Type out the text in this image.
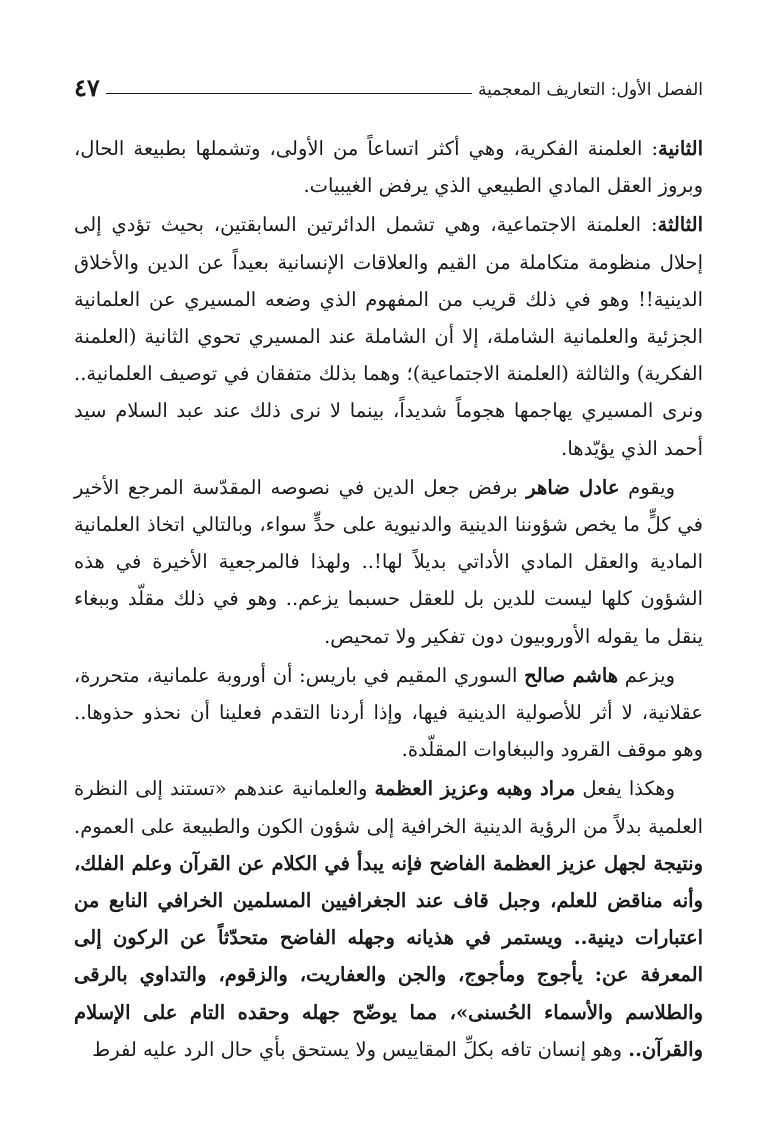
الفصل الأول: التعاريف المعجمية
٤٧

الثانية: العلمنة الفكرية، وهي أكثر اتساعاً من الأولى، وتشملها بطبيعة الحال، وبروز العقل المادي الطبيعي الذي يرفض الغيبيات.

الثالثة: العلمنة الاجتماعية، وهي تشمل الدائرتين السابقتين، بحيث تؤدي إلى إحلال منظومة متكاملة من القيم والعلاقات الإنسانية بعيداً عن الدين والأخلاق الدينية!! وهو في ذلك قريب من المفهوم الذي وضعه المسيري عن العلمانية الجزئية والعلمانية الشاملة، إلا أن الشاملة عند المسيري تحوي الثانية (العلمنة الفكرية) والثالثة (العلمنة الاجتماعية)؛ وهما بذلك متفقان في توصيف العلمانية.. ونرى المسيري يهاجمها هجوماً شديداً، بينما لا نرى ذلك عند عبد السلام سيد أحمد الذي يؤيّدها.

ويقوم عادل ضاهر برفض جعل الدين في نصوصه المقدّسة المرجع الأخير في كلٍّ ما يخص شؤوننا الدينية والدنيوية على حدٍّ سواء، وبالتالي اتخاذ العلمانية المادية والعقل المادي الأداتي بديلاً لها!.. ولهذا فالمرجعية الأخيرة في هذه الشؤون كلها ليست للدين بل للعقل حسبما يزعم.. وهو في ذلك مقلّد وببغاء ينقل ما يقوله الأوروبيون دون تفكير ولا تمحيص.

ويزعم هاشم صالح السوري المقيم في باريس: أن أوروبة علمانية، متحررة، عقلانية، لا أثر للأصولية الدينية فيها، وإذا أردنا التقدم فعلينا أن نحذو حذوها.. وهو موقف القرود والببغاوات المقلّدة.

وهكذا يفعل مراد وهبه وعزيز العظمة والعلمانية عندهم «تستند إلى النظرة العلمية بدلاً من الرؤية الدينية الخرافية إلى شؤون الكون والطبيعة على العموم. ونتيجة لجهل عزيز العظمة الفاضح فإنه يبدأ في الكلام عن القرآن وعلم الفلك، وأنه مناقض للعلم، وجبل قاف عند الجغرافيين المسلمين الخرافي النابع من اعتبارات دينية.. ويستمر في هذيانه وجهله الفاضح متحدّثاً عن الركون إلى المعرفة عن: يأجوج ومأجوج، والجن والعفاريت، والزقوم، والتداوي بالرقى والطلاسم والأسماء الحُسنى»، مما يوضّح جهله وحقده التام على الإسلام والقرآن.. وهو إنسان تافه بكلِّ المقاييس ولا يستحق بأي حال الرد عليه لفرط
